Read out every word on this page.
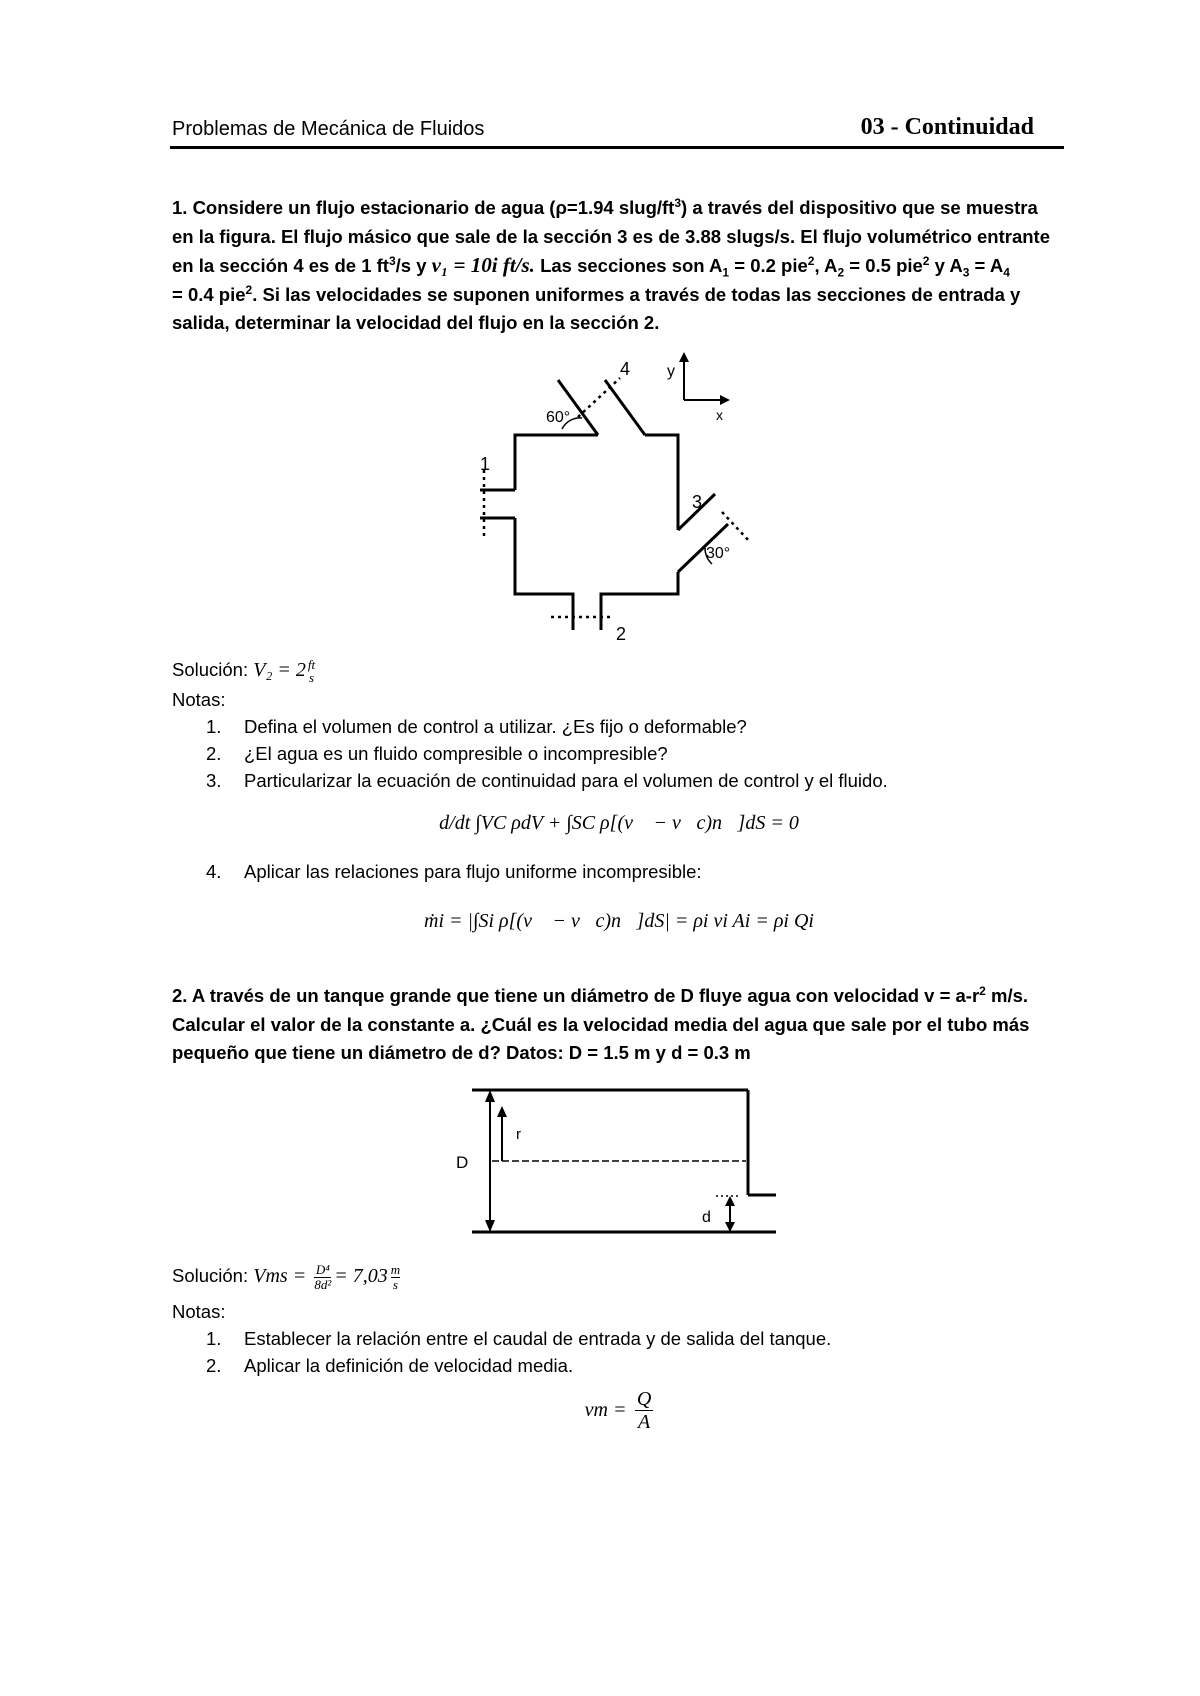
Problemas de Mecánica de Fluidos	03 - Continuidad
1. Considere un flujo estacionario de agua (ρ=1.94 slug/$ft^3$) a través del dispositivo que se muestra
en la figura. El flujo másico que sale de la sección 3 es de 3.88 slugs/s. El flujo volumétrico entrante
en la sección 4 es de 1 $ft^3/s$ y v₁ = 10i ft/s. Las secciones son $A_1 = 0.2$ pie$^2$, $A_2 = 0.5$ pie$^2$ y $A_3 = A_4$
= 0.4 pie$^2$. Si las velocidades se suponen uniformes a través de todas las secciones de entrada y
salida, determinar la velocidad del flujo en la sección 2.
1
2
3
4
60°
30°
y
x
Solución: V₂ = 2 ft
s
Notas:
1. Defina el volumen de control a utilizar. ¿Es fijo o deformable?
2. ¿El agua es un fluido compresible o incompresible?
3. Particularizar la ecuación de continuidad para el volumen de control y el fluido.
d/dt ∫VC ρdV + ∫SC ρ[(v⃗ − v⃗c)n⃗]dS = 0
4. Aplicar las relaciones para flujo uniforme incompresible:
ṁi = |∫Si ρ[(v⃗ − v⃗c)n⃗]dS| = ρi vi Ai = ρi Qi
2. A través de un tanque grande que tiene un diámetro de D fluye agua con velocidad $v = a-r^2$ m/s.
Calcular el valor de la constante a. ¿Cuál es la velocidad media del agua que sale por el tubo más
pequeño que tiene un diámetro de d? Datos: D = 1.5 m y d = 0.3 m
D
r
d
Solución: Vms = $\frac{\text{D⁴}}{\text{8d²}} = 7,03 \frac{m}{s}$
Notas:
1. Establecer la relación entre el caudal de entrada y de salida del tanque.
2. Aplicar la definición de velocidad media.
vm = $\frac{Q}{A}$
